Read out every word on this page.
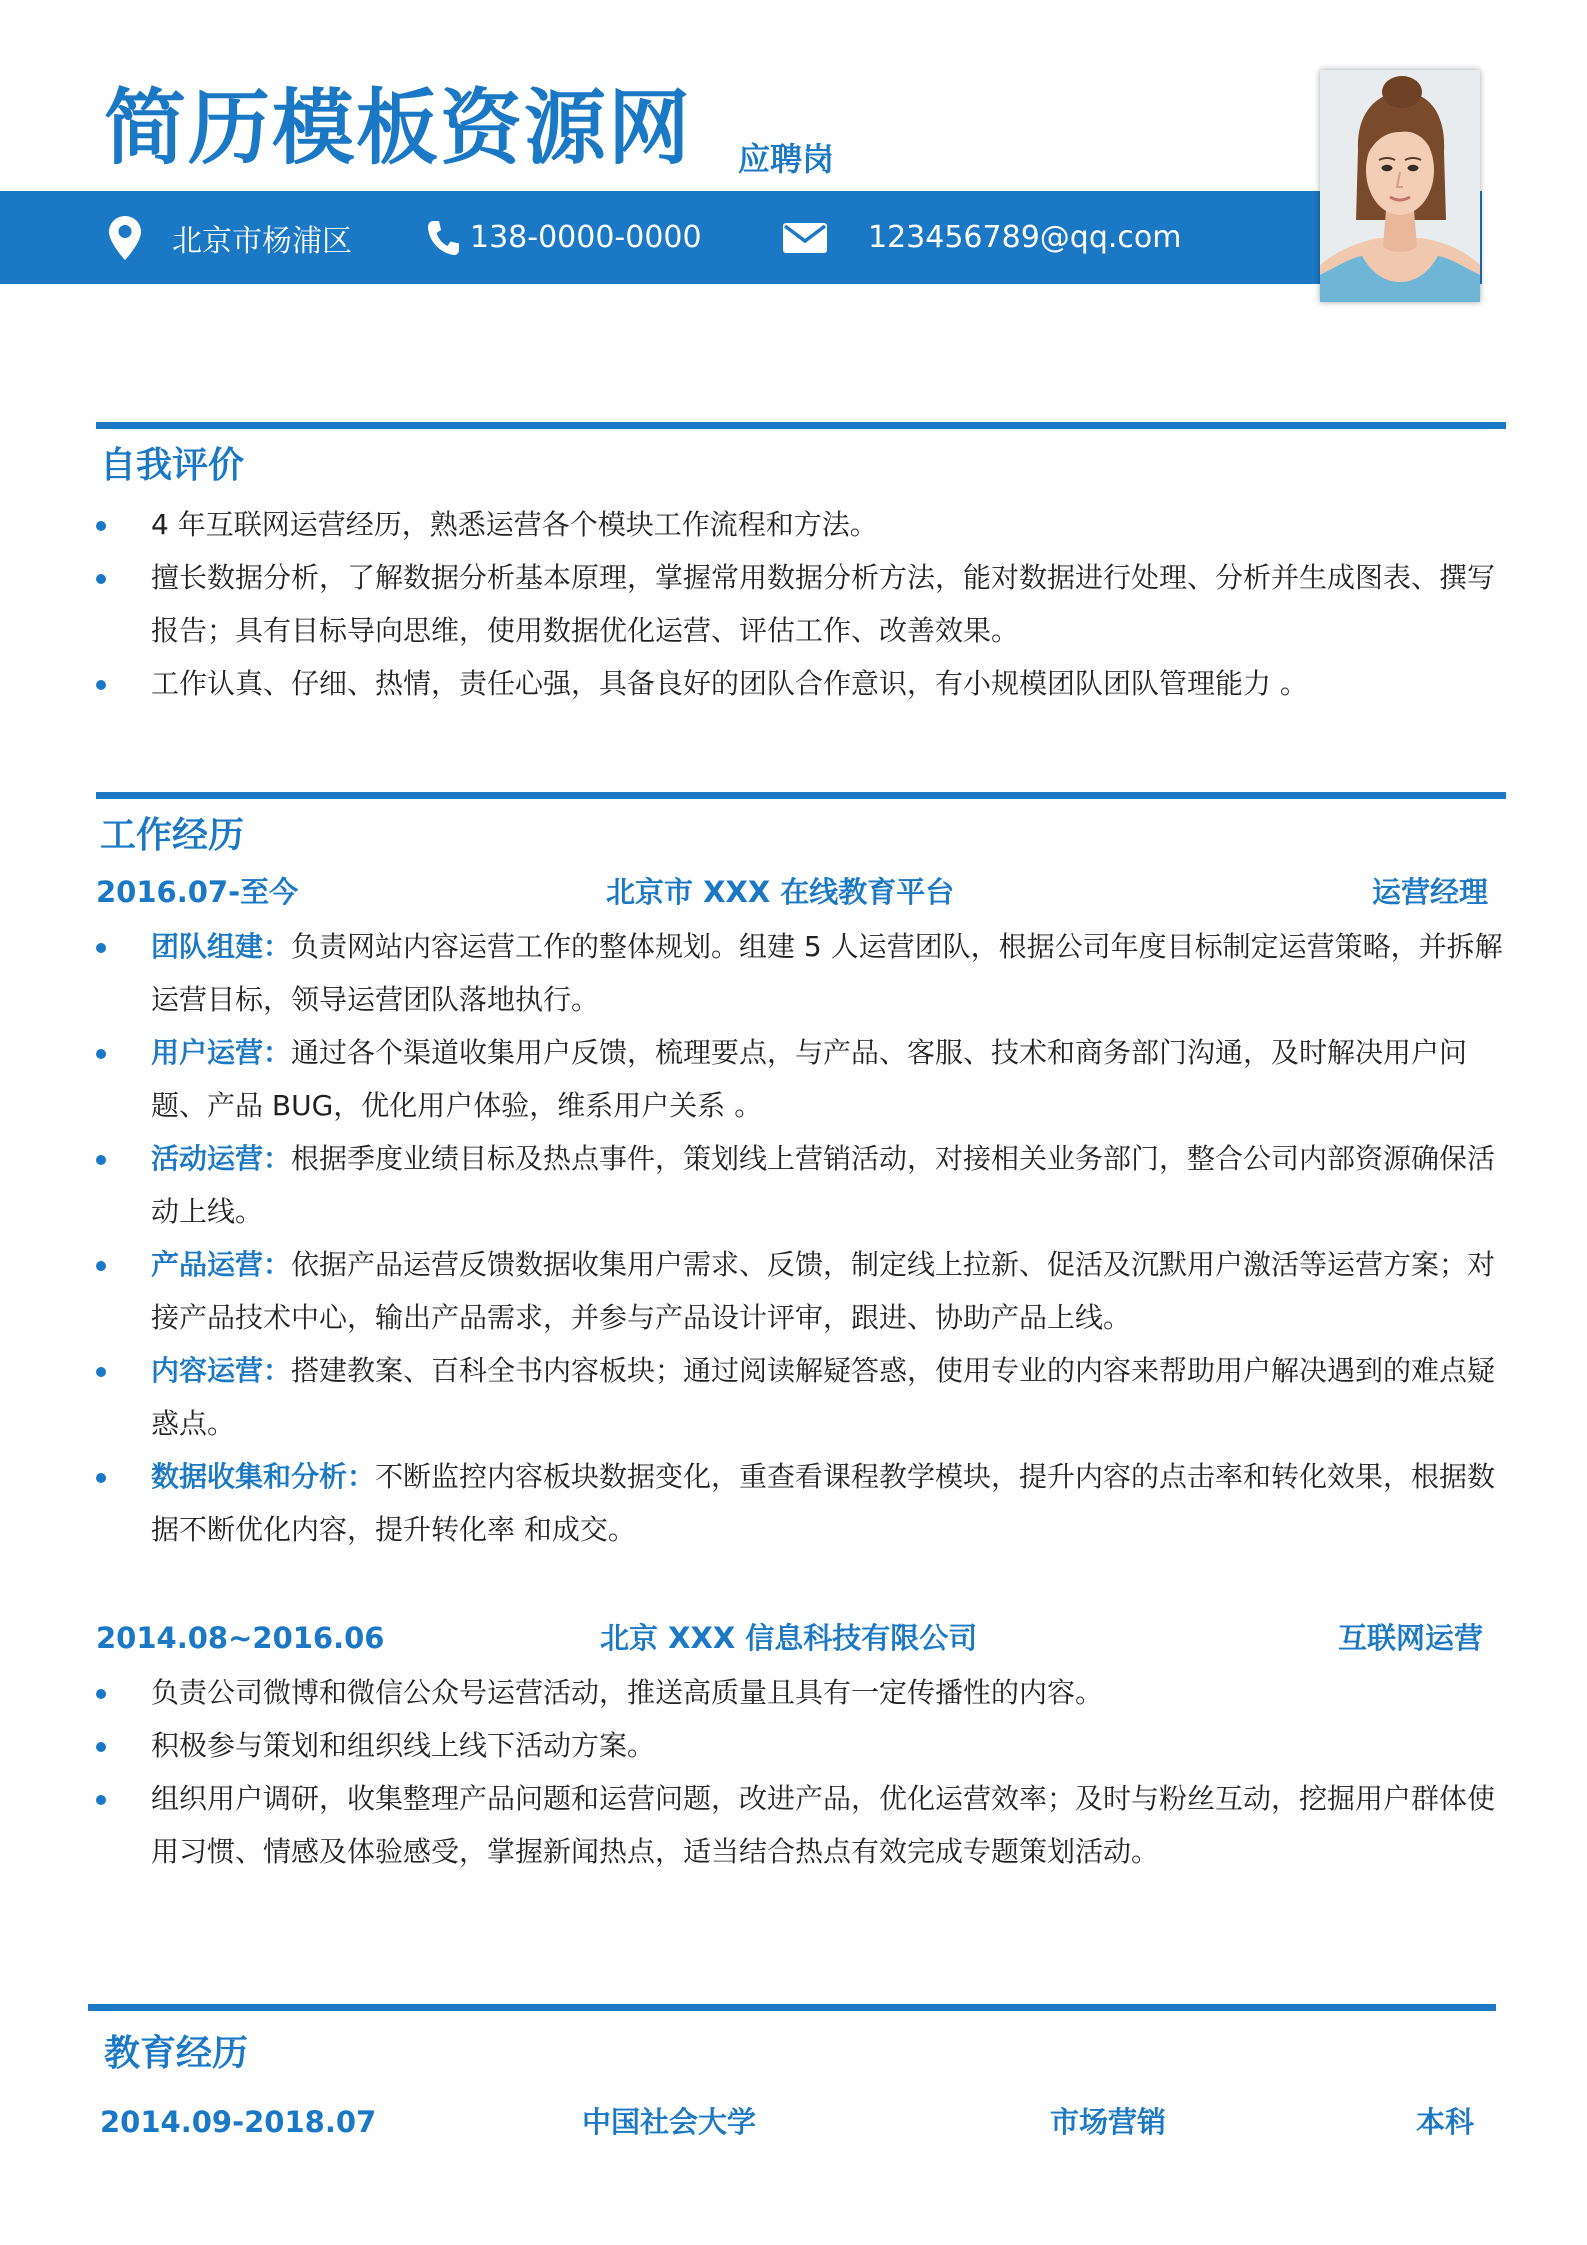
简历模板资源网 应聘岗
北京市杨浦区	138-0000-0000	123456789@qq.com
自我评价
4 年互联网运营经历，熟悉运营各个模块工作流程和方法。
擅长数据分析，了解数据分析基本原理，掌握常用数据分析方法，能对数据进行处理、分析并生成图表、撰写报告；具有目标导向思维，使用数据优化运营、评估工作、改善效果。
工作认真、仔细、热情，责任心强，具备良好的团队合作意识，有小规模团队团队管理能力 。
工作经历
2016.07-至今	北京市 XXX 在线教育平台	运营经理
团队组建：负责网站内容运营工作的整体规划。组建 5 人运营团队，根据公司年度目标制定运营策略，并拆解运营目标，领导运营团队落地执行。
用户运营：通过各个渠道收集用户反馈，梳理要点，与产品、客服、技术和商务部门沟通，及时解决用户问题、产品 BUG，优化用户体验，维系用户关系 。
活动运营：根据季度业绩目标及热点事件，策划线上营销活动，对接相关业务部门，整合公司内部资源确保活动上线。
产品运营：依据产品运营反馈数据收集用户需求、反馈，制定线上拉新、促活及沉默用户激活等运营方案；对接产品技术中心，输出产品需求，并参与产品设计评审，跟进、协助产品上线。
内容运营：搭建教案、百科全书内容板块；通过阅读解疑答惑，使用专业的内容来帮助用户解决遇到的难点疑惑点。
数据收集和分析：不断监控内容板块数据变化，重查看课程教学模块，提升内容的点击率和转化效果，根据数据不断优化内容，提升转化率 和成交。
2014.08~2016.06	北京 XXX 信息科技有限公司	互联网运营
负责公司微博和微信公众号运营活动，推送高质量且具有一定传播性的内容。
积极参与策划和组织线上线下活动方案。
组织用户调研，收集整理产品问题和运营问题，改进产品，优化运营效率；及时与粉丝互动，挖掘用户群体使用习惯、情感及体验感受，掌握新闻热点，适当结合热点有效完成专题策划活动。
教育经历
2014.09-2018.07	中国社会大学	市场营销	本科
